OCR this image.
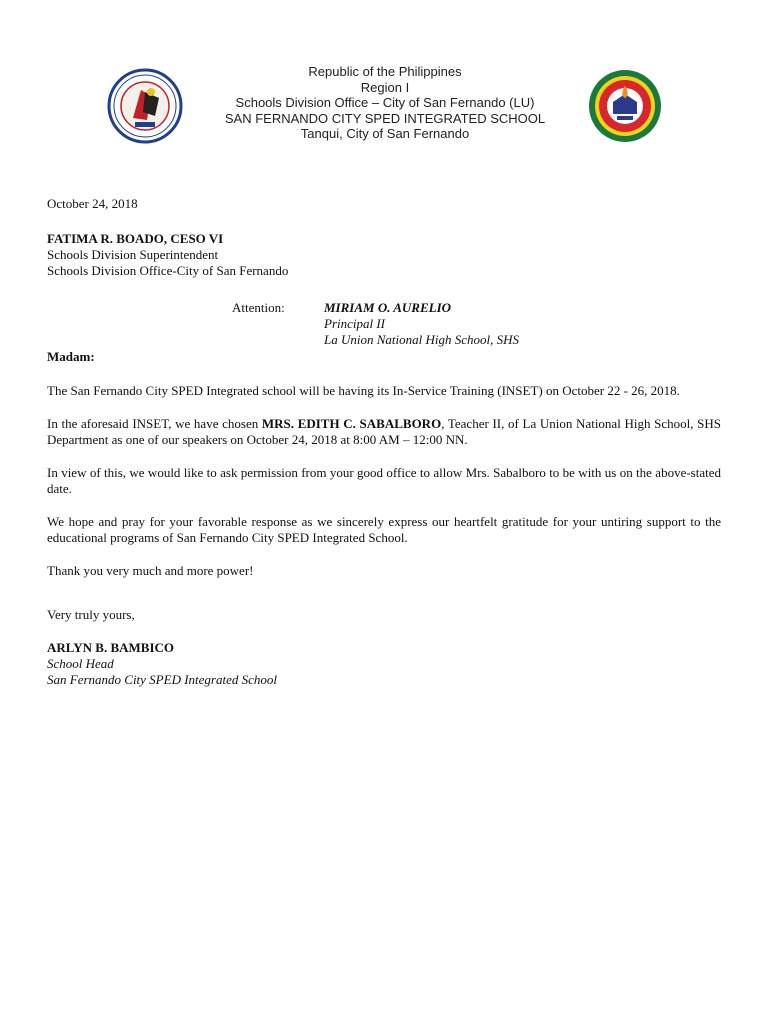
Republic of the Philippines
Region I
Schools Division Office – City of San Fernando (LU)
SAN FERNANDO CITY SPED INTEGRATED SCHOOL
Tanqui, City of San Fernando
October 24, 2018
FATIMA R. BOADO, CESO VI
Schools Division Superintendent
Schools Division Office-City of San Fernando
Attention:	MIRIAM O. AURELIO
Principal II
La Union National High School, SHS
Madam:

The San Fernando City SPED Integrated school will be having its In-Service Training (INSET) on October 22 - 26, 2018.

In the aforesaid INSET, we have chosen MRS. EDITH C. SABALBORO, Teacher II, of La Union National High School, SHS Department as one of our speakers on October 24, 2018 at 8:00 AM – 12:00 NN.

In view of this, we would like to ask permission from your good office to allow Mrs. Sabalboro to be with us on the above-stated date.

We hope and pray for your favorable response as we sincerely express our heartfelt gratitude for your untiring support to the educational programs of San Fernando City SPED Integrated School.

Thank you very much and more power!

Very truly yours,
ARLYN B. BAMBICO
School Head
San Fernando City SPED Integrated School
